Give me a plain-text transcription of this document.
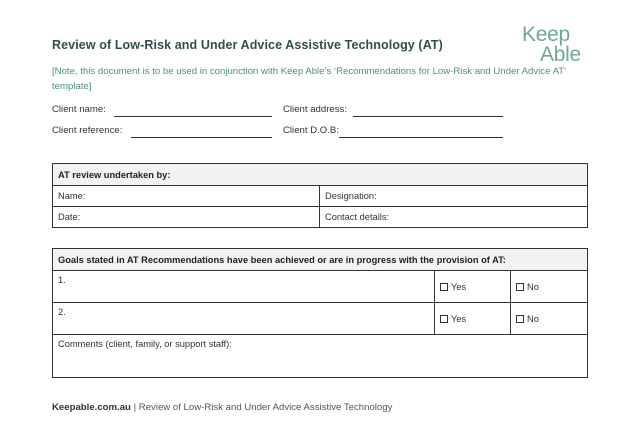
Review of Low-Risk and Under Advice Assistive Technology (AT)	Keep
Able
[Note, this document is to be used in conjunction with Keep Able’s ‘Recommendations for Low-Risk and Under Advice AT’ template]
Client name:	Client address:
Client reference:	Client D.O.B:
AT review undertaken by:	
Name:	Designation:
Date:	Contact details:
Goals stated in AT Recommendations have been achieved or are in progress with the provision of AT:		
1.	Yes	No
2.	Yes	No
Comments (client, family, or support staff):		
Keepable.com.au | Review of Low-Risk and Under Advice Assistive Technology
